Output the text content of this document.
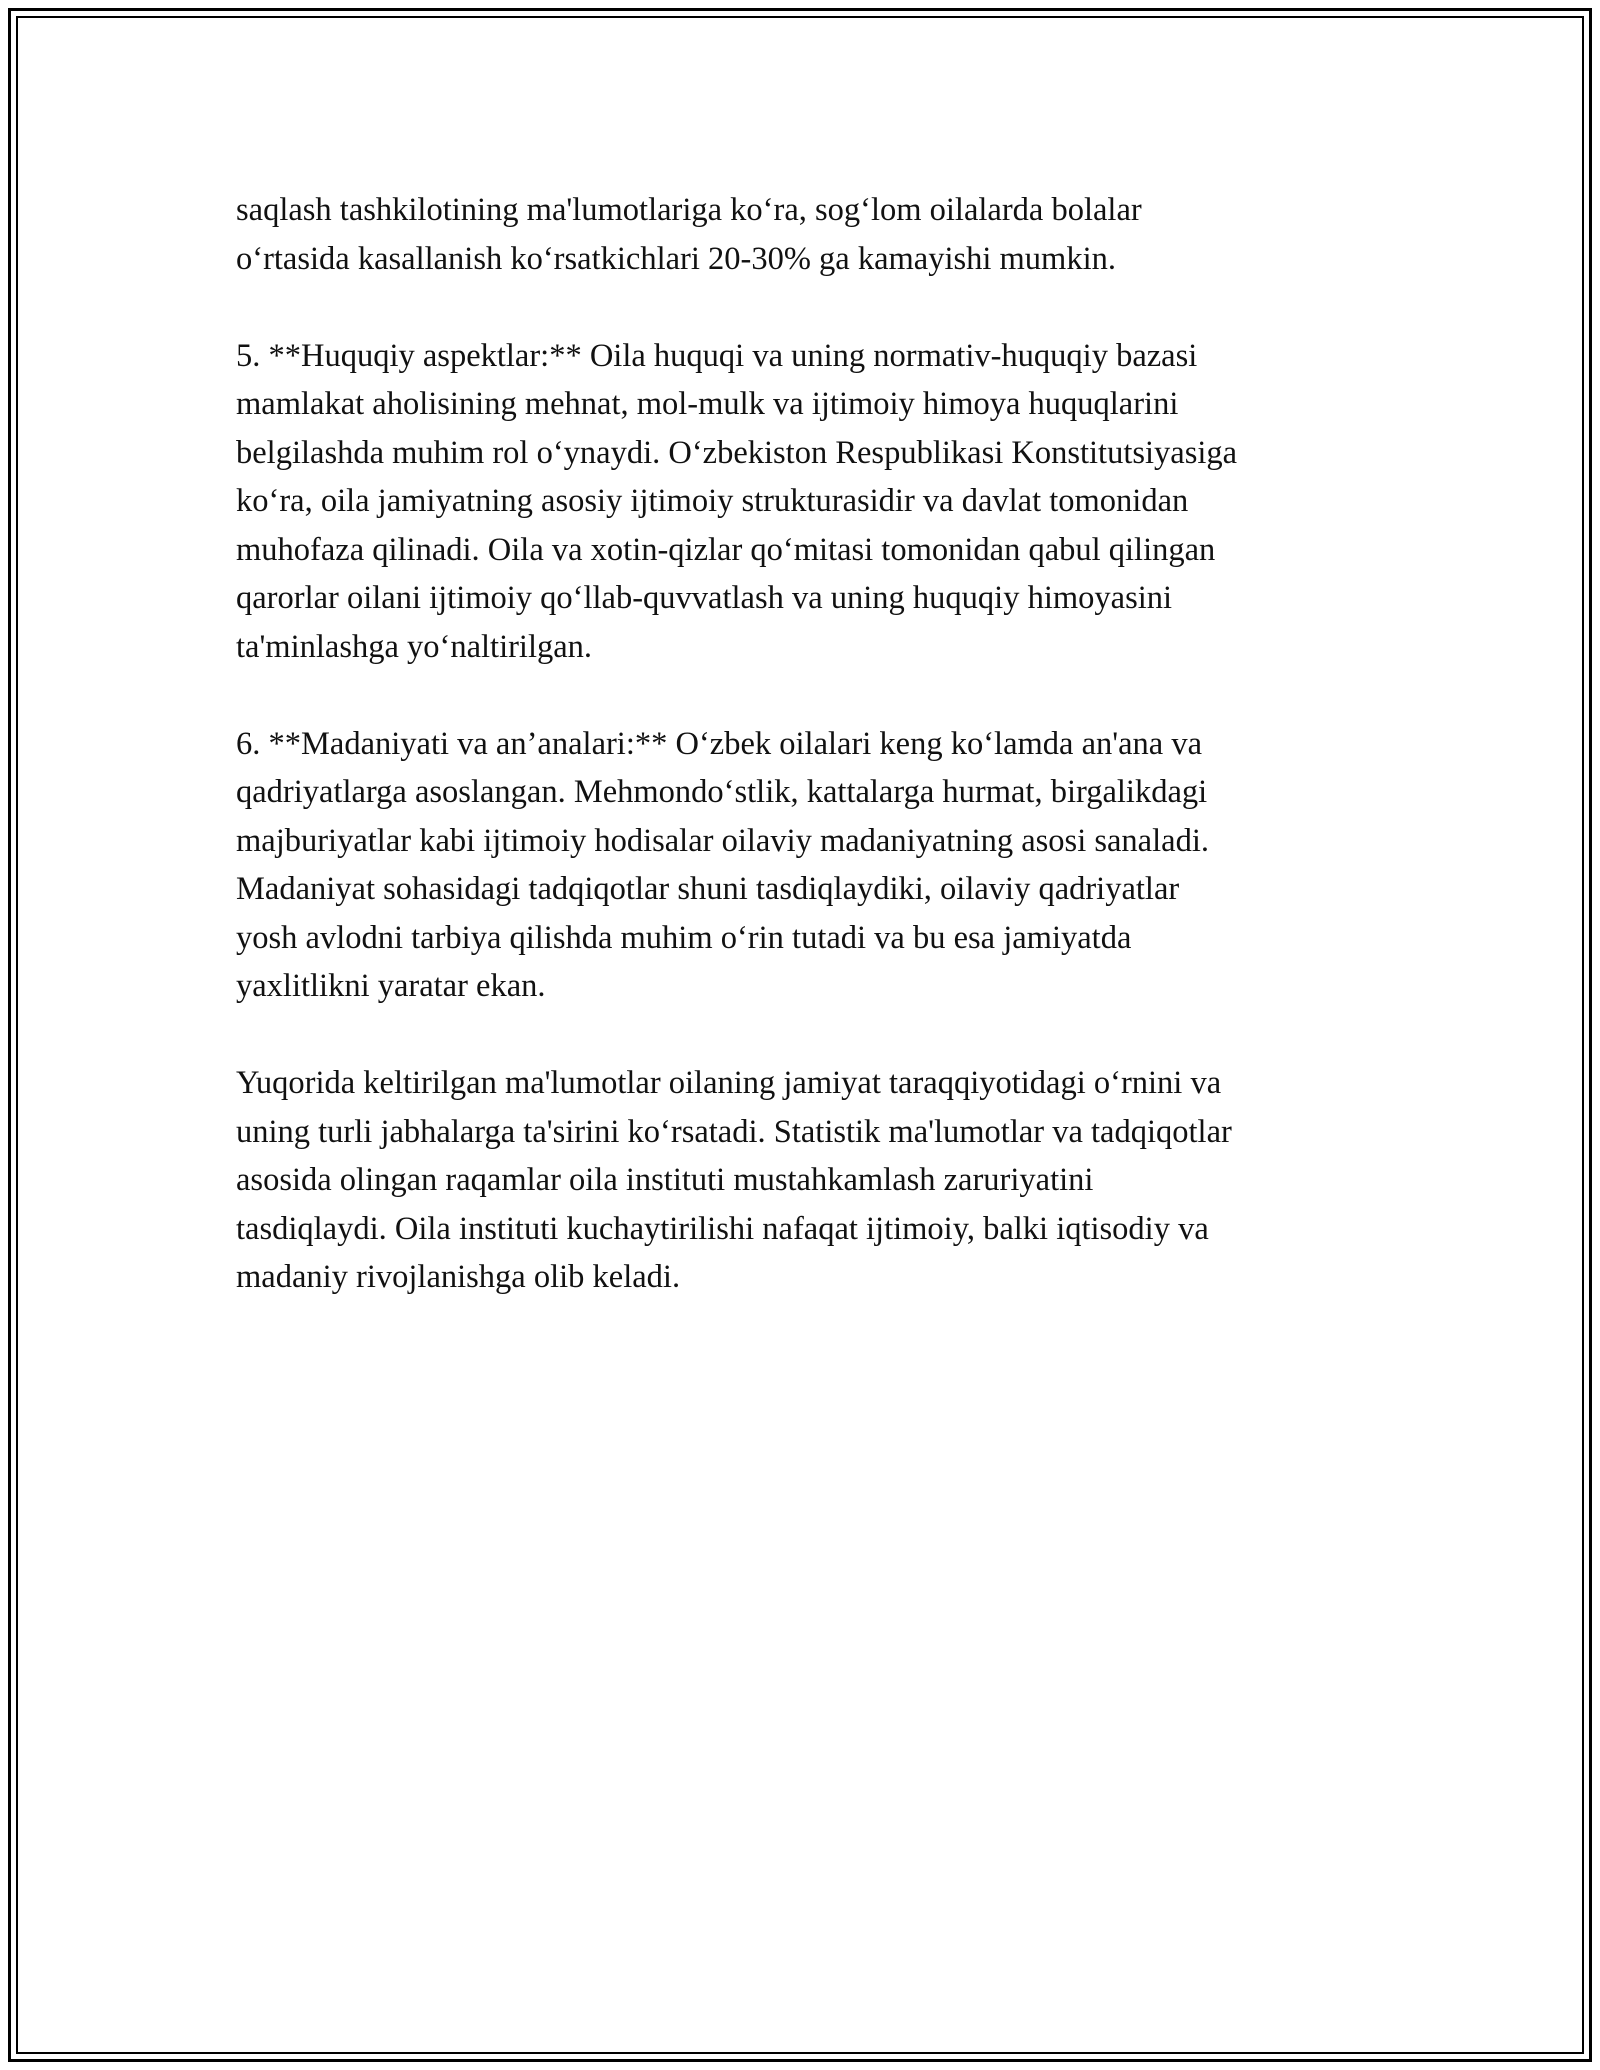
saqlash tashkilotining ma'lumotlariga ko‘ra, sog‘lom oilalarda bolalar
o‘rtasida kasallanish ko‘rsatkichlari 20-30% ga kamayishi mumkin.

5. **Huquqiy aspektlar:** Oila huquqi va uning normativ-huquqiy bazasi
mamlakat aholisining mehnat, mol-mulk va ijtimoiy himoya huquqlarini
belgilashda muhim rol o‘ynaydi. O‘zbekiston Respublikasi Konstitutsiyasiga
ko‘ra, oila jamiyatning asosiy ijtimoiy strukturasidir va davlat tomonidan
muhofaza qilinadi. Oila va xotin-qizlar qo‘mitasi tomonidan qabul qilingan
qarorlar oilani ijtimoiy qo‘llab-quvvatlash va uning huquqiy himoyasini
ta'minlashga yo‘naltirilgan.

6. **Madaniyati va an’analari:** O‘zbek oilalari keng ko‘lamda an'ana va
qadriyatlarga asoslangan. Mehmondo‘stlik, kattalarga hurmat, birgalikdagi
majburiyatlar kabi ijtimoiy hodisalar oilaviy madaniyatning asosi sanaladi.
Madaniyat sohasidagi tadqiqotlar shuni tasdiqlaydiki, oilaviy qadriyatlar
yosh avlodni tarbiya qilishda muhim o‘rin tutadi va bu esa jamiyatda
yaxlitlikni yaratar ekan.

Yuqorida keltirilgan ma'lumotlar oilaning jamiyat taraqqiyotidagi o‘rnini va
uning turli jabhalarga ta'sirini ko‘rsatadi. Statistik ma'lumotlar va tadqiqotlar
asosida olingan raqamlar oila instituti mustahkamlash zaruriyatini
tasdiqlaydi. Oila instituti kuchaytirilishi nafaqat ijtimoiy, balki iqtisodiy va
madaniy rivojlanishga olib keladi.
